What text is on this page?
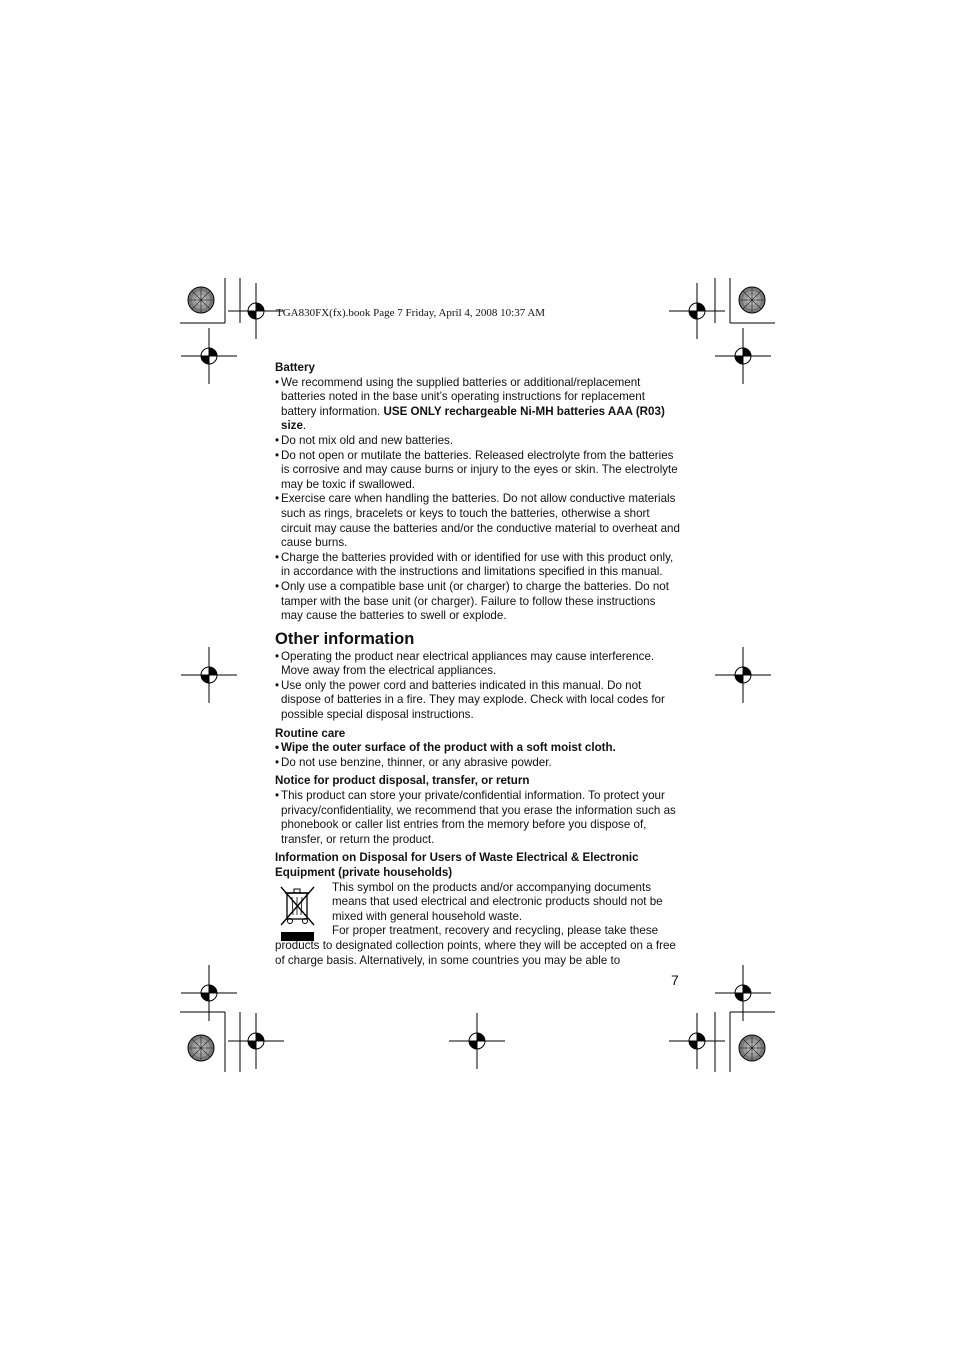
TGA830FX(fx).book Page 7 Friday, April 4, 2008 10:37 AM

Battery

• We recommend using the supplied batteries or additional/replacement batteries noted in the base unit’s operating instructions for replacement battery information. USE ONLY rechargeable Ni-MH batteries AAA (R03) size.
• Do not mix old and new batteries.
• Do not open or mutilate the batteries. Released electrolyte from the batteries is corrosive and may cause burns or injury to the eyes or skin. The electrolyte may be toxic if swallowed.
• Exercise care when handling the batteries. Do not allow conductive materials such as rings, bracelets or keys to touch the batteries, otherwise a short circuit may cause the batteries and/or the conductive material to overheat and cause burns.
• Charge the batteries provided with or identified for use with this product only, in accordance with the instructions and limitations specified in this manual.
• Only use a compatible base unit (or charger) to charge the batteries. Do not tamper with the base unit (or charger). Failure to follow these instructions may cause the batteries to swell or explode.
Other information
• Operating the product near electrical appliances may cause interference. Move away from the electrical appliances.
• Use only the power cord and batteries indicated in this manual. Do not dispose of batteries in a fire. They may explode. Check with local codes for possible special disposal instructions.

Routine care

• Wipe the outer surface of the product with a soft moist cloth.
• Do not use benzine, thinner, or any abrasive powder.

Notice for product disposal, transfer, or return

• This product can store your private/confidential information. To protect your privacy/confidentiality, we recommend that you erase the information such as phonebook or caller list entries from the memory before you dispose of, transfer, or return the product.

Information on Disposal for Users of Waste Electrical & Electronic Equipment (private households)

This symbol on the products and/or accompanying documents means that used electrical and electronic products should not be mixed with general household waste.
For proper treatment, recovery and recycling, please take these products to designated collection points, where they will be accepted on a free of charge basis. Alternatively, in some countries you may be able to
7
